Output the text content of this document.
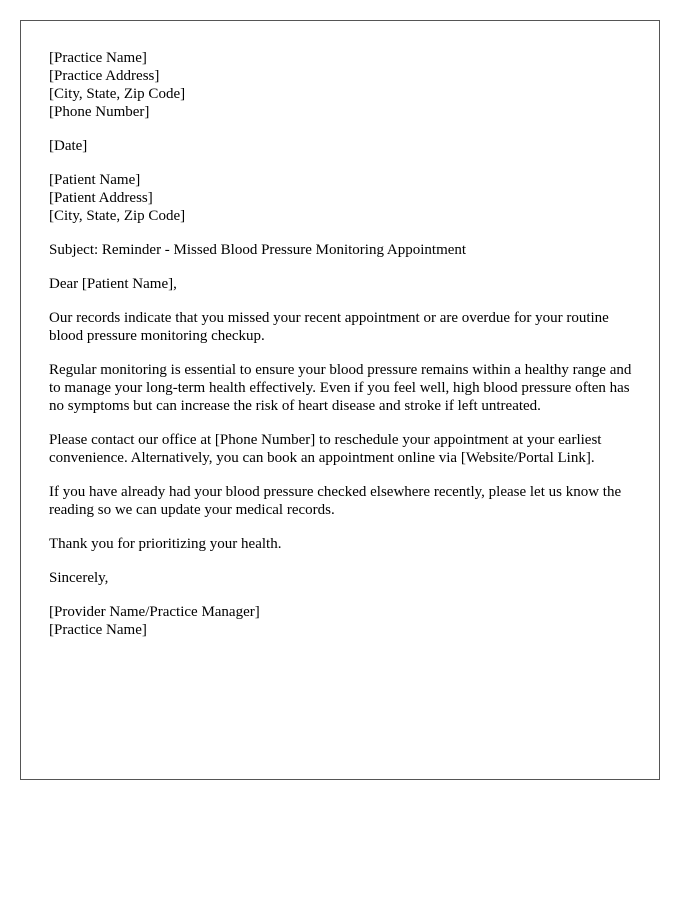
[Practice Name]
[Practice Address]
[City, State, Zip Code]
[Phone Number]
[Date]
[Patient Name]
[Patient Address]
[City, State, Zip Code]

Subject: Reminder - Missed Blood Pressure Monitoring Appointment

Dear [Patient Name],

Our records indicate that you missed your recent appointment or are overdue for your routine blood pressure monitoring checkup.

Regular monitoring is essential to ensure your blood pressure remains within a healthy range and to manage your long-term health effectively. Even if you feel well, high blood pressure often has no symptoms but can increase the risk of heart disease and stroke if left untreated.

Please contact our office at [Phone Number] to reschedule your appointment at your earliest convenience. Alternatively, you can book an appointment online via [Website/Portal Link].

If you have already had your blood pressure checked elsewhere recently, please let us know the reading so we can update your medical records.

Thank you for prioritizing your health.

Sincerely,

[Provider Name/Practice Manager]
[Practice Name]
